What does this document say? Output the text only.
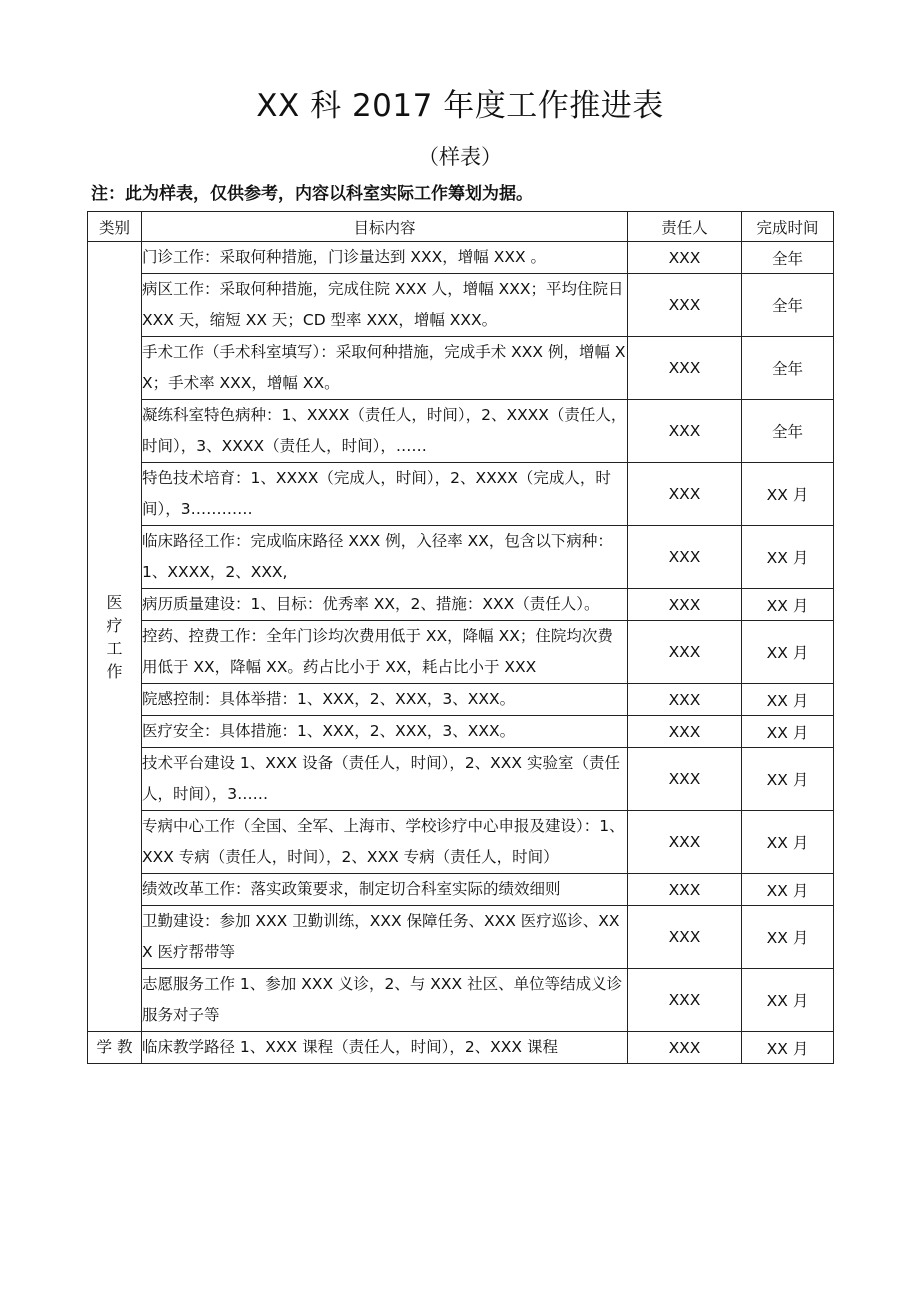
XX 科 2017 年度工作推进表
（样表）
注：此为样表，仅供参考，内容以科室实际工作筹划为据。
类别	目标内容	责任人	完成时间
医疗工作	门诊工作：采取何种措施，门诊量达到 XXX，增幅 XXX 。	XXX	全年
	病区工作：采取何种措施，完成住院 XXX 人，增幅 XXX；平均住院日 XXX 天，缩短 XX 天；CD 型率 XXX，增幅 XXX。	XXX	全年
	手术工作（手术科室填写）：采取何种措施，完成手术 XXX 例，增幅 XX；手术率 XXX，增幅 XX。	XXX	全年
	凝练科室特色病种：1、XXXX（责任人，时间），2、XXXX（责任人，时间），3、XXXX（责任人，时间），……	XXX	全年
	特色技术培育：1、XXXX（完成人，时间），2、XXXX（完成人，时间），3…………	XXX	XX 月
	临床路径工作：完成临床路径 XXX 例，入径率 XX，包含以下病种：1、XXXX，2、XXX,	XXX	XX 月
	病历质量建设：1、目标：优秀率 XX，2、措施：XXX（责任人）。	XXX	XX 月
	控药、控费工作：全年门诊均次费用低于 XX，降幅 XX；住院均次费用低于 XX，降幅 XX。药占比小于 XX，耗占比小于 XXX	XXX	XX 月
	院感控制：具体举措：1、XXX，2、XXX，3、XXX。	XXX	XX 月
	医疗安全：具体措施：1、XXX，2、XXX，3、XXX。	XXX	XX 月
	技术平台建设 1、XXX 设备（责任人，时间），2、XXX 实验室（责任人，时间），3……	XXX	XX 月
	专病中心工作（全国、全军、上海市、学校诊疗中心申报及建设）：1、XXX 专病（责任人，时间），2、XXX 专病（责任人，时间）	XXX	XX 月
	绩效改革工作：落实政策要求，制定切合科室实际的绩效细则	XXX	XX 月
	卫勤建设：参加 XXX 卫勤训练，XXX 保障任务、XXX 医疗巡诊、XXX 医疗帮带等	XXX	XX 月
	志愿服务工作 1、参加 XXX 义诊，2、与 XXX 社区、单位等结成义诊服务对子等	XXX	XX 月
学 教	临床教学路径 1、XXX 课程（责任人，时间），2、XXX 课程	XXX	XX 月
